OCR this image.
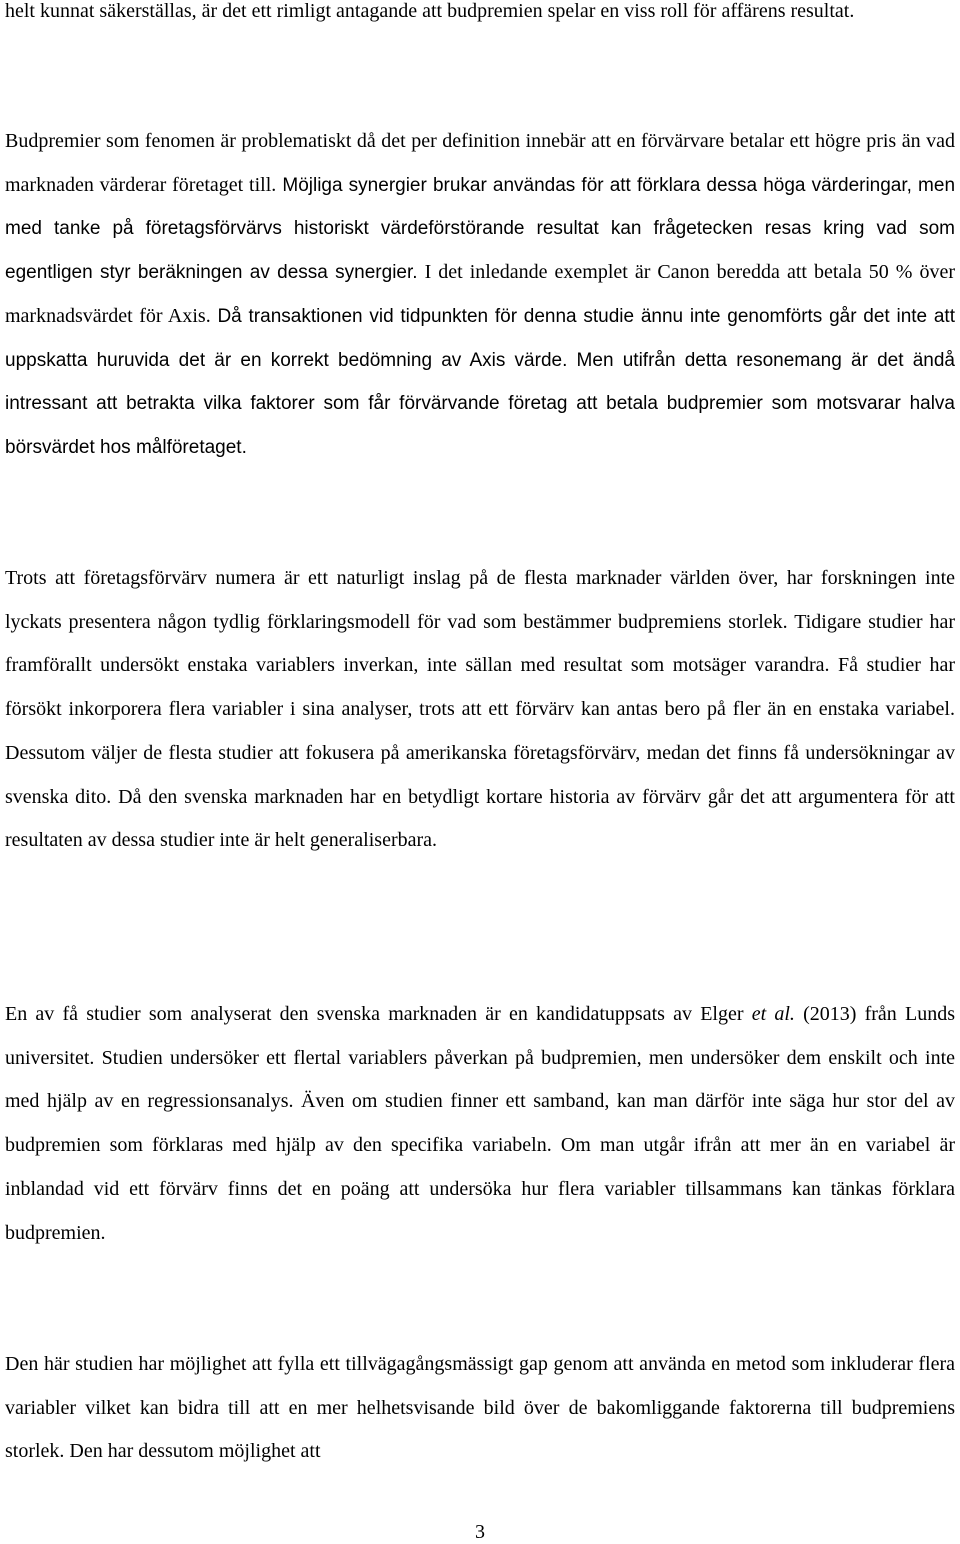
helt kunnat säkerställas, är det ett rimligt antagande att budpremien spelar en viss roll för affärens resultat.

Budpremier som fenomen är problematiskt då det per definition innebär att en förvärvare betalar ett högre pris än vad marknaden värderar företaget till. Möjliga synergier brukar användas för att förklara dessa höga värderingar, men med tanke på företagsförvärvs historiskt värdeförstörande resultat kan frågetecken resas kring vad som egentligen styr beräkningen av dessa synergier. I det inledande exemplet är Canon beredda att betala 50 % över marknadsvärdet för Axis. Då transaktionen vid tidpunkten för denna studie ännu inte genomförts går det inte att uppskatta huruvida det är en korrekt bedömning av Axis värde. Men utifrån detta resonemang är det ändå intressant att betrakta vilka faktorer som får förvärvande företag att betala budpremier som motsvarar halva börsvärdet hos målföretaget.

Trots att företagsförvärv numera är ett naturligt inslag på de flesta marknader världen över, har forskningen inte lyckats presentera någon tydlig förklaringsmodell för vad som bestämmer budpremiens storlek. Tidigare studier har framförallt undersökt enstaka variablers inverkan, inte sällan med resultat som motsäger varandra. Få studier har försökt inkorporera flera variabler i sina analyser, trots att ett förvärv kan antas bero på fler än en enstaka variabel. Dessutom väljer de flesta studier att fokusera på amerikanska företagsförvärv, medan det finns få undersökningar av svenska dito. Då den svenska marknaden har en betydligt kortare historia av förvärv går det att argumentera för att resultaten av dessa studier inte är helt generaliserbara.

En av få studier som analyserat den svenska marknaden är en kandidatuppsats av Elger et al. (2013) från Lunds universitet. Studien undersöker ett flertal variablers påverkan på budpremien, men undersöker dem enskilt och inte med hjälp av en regressionsanalys. Även om studien finner ett samband, kan man därför inte säga hur stor del av budpremien som förklaras med hjälp av den specifika variabeln. Om man utgår ifrån att mer än en variabel är inblandad vid ett förvärv finns det en poäng att undersöka hur flera variabler tillsammans kan tänkas förklara budpremien.

Den här studien har möjlighet att fylla ett tillvägagångsmässigt gap genom att använda en metod som inkluderar flera variabler vilket kan bidra till att en mer helhetsvisande bild över de bakomliggande faktorerna till budpremiens storlek. Den har dessutom möjlighet att

3
